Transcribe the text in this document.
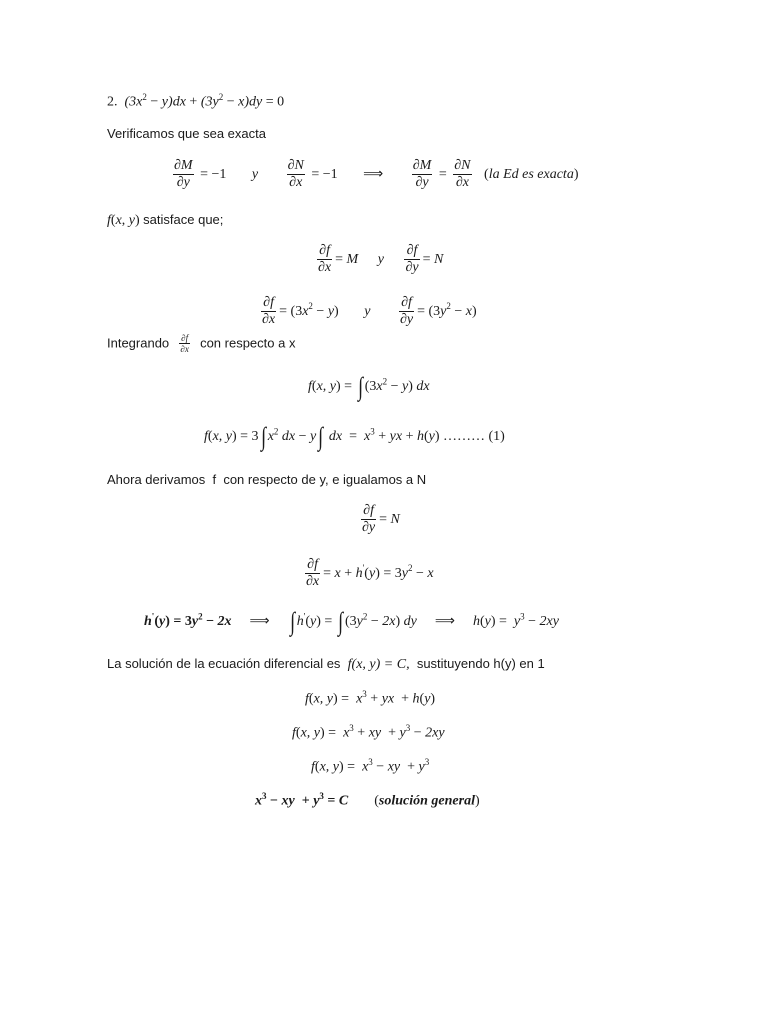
2.  $(3x^2 - y)dx + (3y^2 - x)dy = 0$
Verificamos que sea exacta
$\frac{\partial M}{\partial y} = -1$ y $\frac{\partial N}{\partial x} = -1$ ⟹ $\frac{\partial M}{\partial y} = \frac{\partial N}{\partial x} (la$ Ed es exacta)
f(x, y) satisface que;
$\frac{\partial f}{\partial x} = M$ y $\frac{\partial f}{\partial y} = N$
$\frac{\partial f}{\partial x} = (3x^2 - y)$ y $\frac{\partial f}{\partial y} = (3y^2 - x)$
Integrando $\frac{\partial f}{\partial x}$ con respecto a x
f(x, y) = ∫ $(3x^2 - y)$ dx
f(x, y) = 3∫ $x^2$ dx − y∫ dx  =  $x^3$ + yx + h(y) ……… (1)
Ahora derivamos  f  con respecto de y, e igualamos a N
$\frac{\partial f}{\partial y} = N$
$\frac{\partial f}{\partial x} = x + h'(y) = 3y^2 - x$
$h'(y) = 3y^2 - 2x$ ⟹ ∫ h'(y) = ∫ $(3y^2 - 2x)$ dy ⟹ $h(y) = y^3 - 2xy$
La solución de la ecuación diferencial es  f(x, y) = C,  sustituyendo h(y) en 1
f(x, $y) = x^3$ + yx  + h(y)
f(x, $y) = x^3$ + xy  + $y^3 - 2xy$
f(x, $y) = x^3$ − xy  + $y^3$
$x^3$ − xy  + $y^3 = C$ (solución general)
